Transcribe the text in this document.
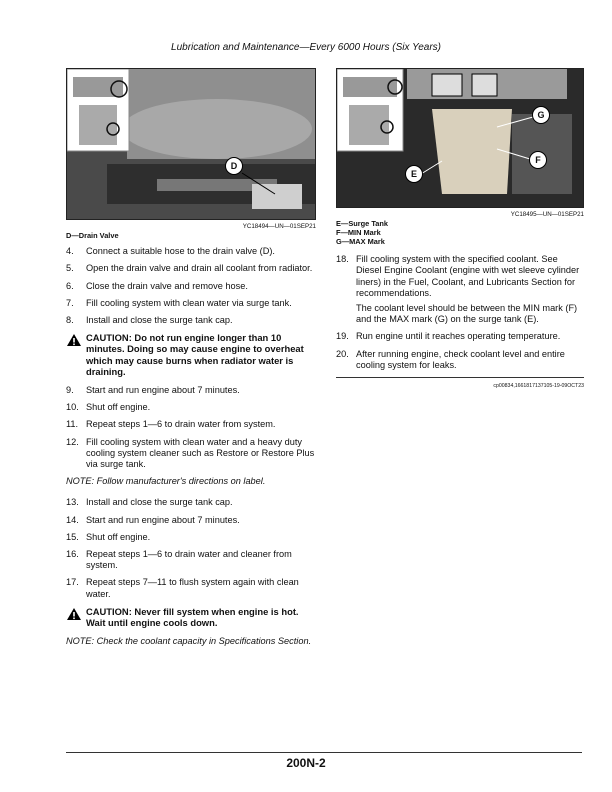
Lubrication and Maintenance—Every 6000 Hours (Six Years)
D
YC18494—UN—01SEP21
D—Drain Valve
4.	Connect a suitable hose to the drain valve (D).
5.	Open the drain valve and drain all coolant from radiator.
6.	Close the drain valve and remove hose.
7.	Fill cooling system with clean water via surge tank.
8.	Install and close the surge tank cap.
CAUTION: Do not run engine longer than 10 minutes. Doing so may cause engine to overheat which may cause burns when radiator water is draining.
9.	Start and run engine about 7 minutes.
10. Shut off engine.
11. Repeat steps 1—6 to drain water from system.
12. Fill cooling system with clean water and a heavy duty cooling system cleaner such as Restore or Restore Plus via surge tank.
NOTE: Follow manufacturer's directions on label.
13. Install and close the surge tank cap.
14. Start and run engine about 7 minutes.
15. Shut off engine.
16. Repeat steps 1—6 to drain water and cleaner from system.
17. Repeat steps 7—11 to flush system again with clean water.
CAUTION: Never fill system when engine is hot. Wait until engine cools down.
NOTE: Check the coolant capacity in Specifications Section.
E
F
G
YC18495—UN—01SEP21
E—Surge Tank
F—MIN Mark
G—MAX Mark
18. Fill cooling system with the specified coolant. See Diesel Engine Coolant (engine with wet sleeve cylinder liners) in the Fuel, Coolant, and Lubricants Section for recommendations.
The coolant level should be between the MIN mark (F) and the MAX mark (G) on the surge tank (E).
19. Run engine until it reaches operating temperature.
20. After running engine, check coolant level and entire cooling system for leaks.
cp00834,1661817137105-19-09OCT23
200N-2
